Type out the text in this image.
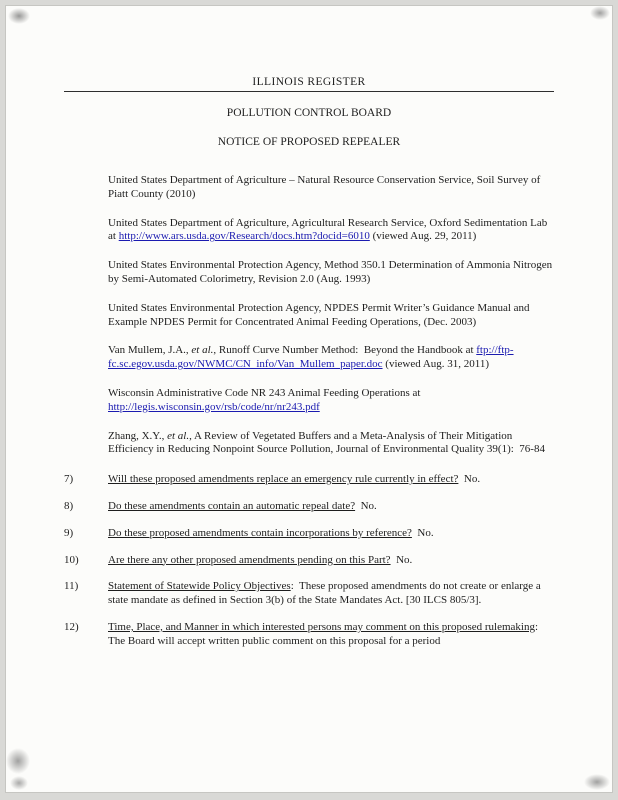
ILLINOIS REGISTER
POLLUTION CONTROL BOARD
NOTICE OF PROPOSED REPEALER

United States Department of Agriculture – Natural Resource Conservation Service, Soil Survey of Piatt County (2010)

United States Department of Agriculture, Agricultural Research Service, Oxford Sedimentation Lab at http://www.ars.usda.gov/Research/docs.htm?docid=6010 (viewed Aug. 29, 2011)

United States Environmental Protection Agency, Method 350.1 Determination of Ammonia Nitrogen by Semi-Automated Colorimetry, Revision 2.0 (Aug. 1993)

United States Environmental Protection Agency, NPDES Permit Writer’s Guidance Manual and Example NPDES Permit for Concentrated Animal Feeding Operations, (Dec. 2003)

Van Mullem, J.A., et al., Runoff Curve Number Method:  Beyond the Handbook at ftp://ftp-fc.sc.egov.usda.gov/NWMC/CN_info/Van_Mullem_paper.doc (viewed Aug. 31, 2011)

Wisconsin Administrative Code NR 243 Animal Feeding Operations at http://legis.wisconsin.gov/rsb/code/nr/nr243.pdf

Zhang, X.Y., et al., A Review of Vegetated Buffers and a Meta-Analysis of Their Mitigation Efficiency in Reducing Nonpoint Source Pollution, Journal of Environmental Quality 39(1):  76-84

7)	Will these proposed amendments replace an emergency rule currently in effect?  No.
8)	Do these amendments contain an automatic repeal date?  No.
9)	Do these proposed amendments contain incorporations by reference?  No.
10)	Are there any other proposed amendments pending on this Part?  No.
11)	Statement of Statewide Policy Objectives:  These proposed amendments do not create or enlarge a state mandate as defined in Section 3(b) of the State Mandates Act. [30 ILCS 805/3].
12)	Time, Place, and Manner in which interested persons may comment on this proposed rulemaking:  The Board will accept written public comment on this proposal for a period
